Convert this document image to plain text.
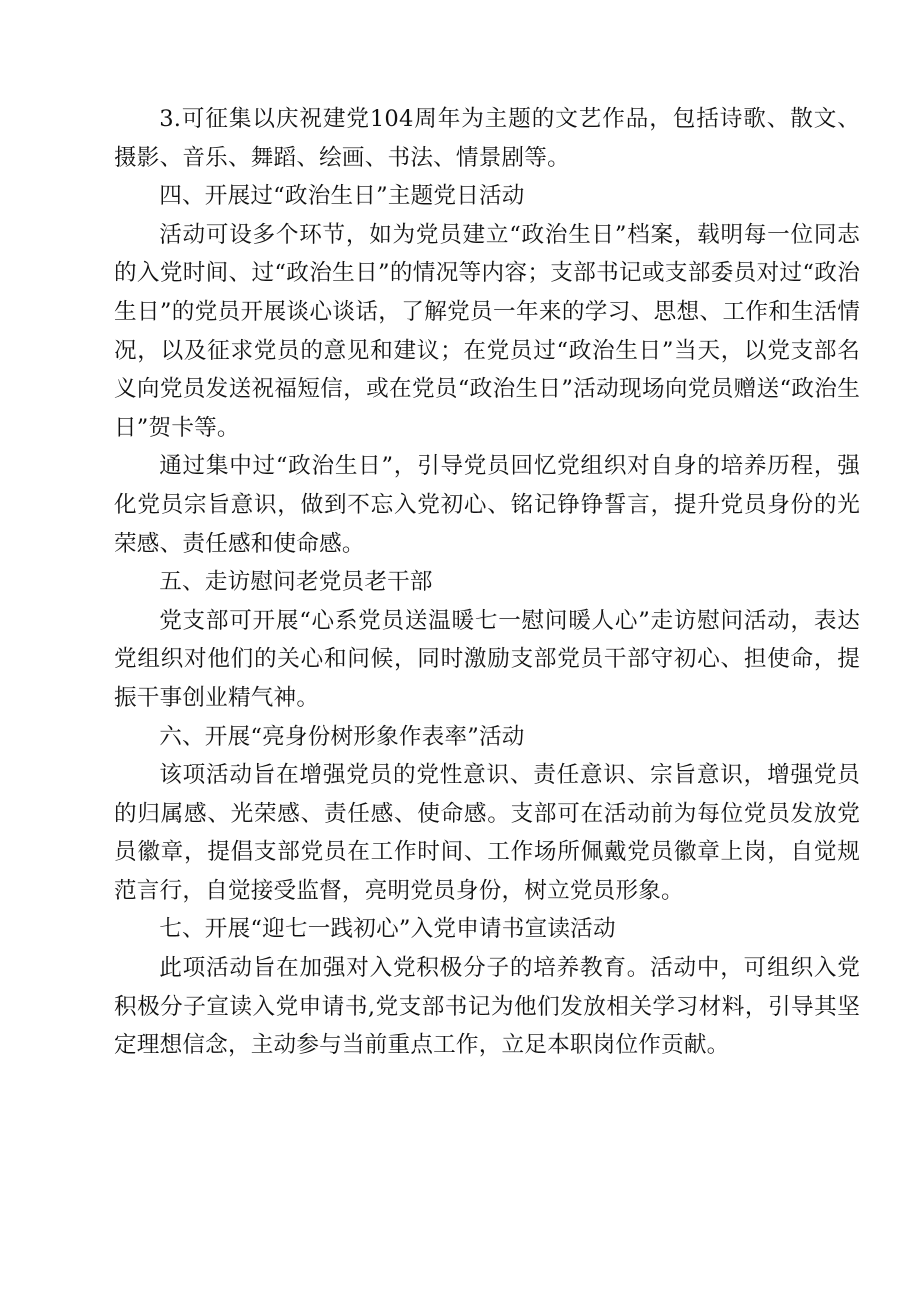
3.可征集以庆祝建党104周年为主题的文艺作品，包括诗歌、散文、摄影、音乐、舞蹈、绘画、书法、情景剧等。

四、开展过“政治生日”主题党日活动

活动可设多个环节，如为党员建立“政治生日”档案，载明每一位同志的入党时间、过“政治生日”的情况等内容；支部书记或支部委员对过“政治生日”的党员开展谈心谈话，了解党员一年来的学习、思想、工作和生活情况，以及征求党员的意见和建议；在党员过“政治生日”当天，以党支部名义向党员发送祝福短信，或在党员“政治生日”活动现场向党员赠送“政治生日”贺卡等。

通过集中过“政治生日”，引导党员回忆党组织对自身的培养历程，强化党员宗旨意识，做到不忘入党初心、铭记铮铮誓言，提升党员身份的光荣感、责任感和使命感。

五、走访慰问老党员老干部

党支部可开展“心系党员送温暖七一慰问暖人心”走访慰问活动，表达党组织对他们的关心和问候，同时激励支部党员干部守初心、担使命，提振干事创业精气神。

六、开展“亮身份树形象作表率”活动

该项活动旨在增强党员的党性意识、责任意识、宗旨意识，增强党员的归属感、光荣感、责任感、使命感。支部可在活动前为每位党员发放党员徽章，提倡支部党员在工作时间、工作场所佩戴党员徽章上岗，自觉规范言行，自觉接受监督，亮明党员身份，树立党员形象。

七、开展“迎七一践初心”入党申请书宣读活动

此项活动旨在加强对入党积极分子的培养教育。活动中，可组织入党积极分子宣读入党申请书,党支部书记为他们发放相关学习材料，引导其坚定理想信念，主动参与当前重点工作，立足本职岗位作贡献。
